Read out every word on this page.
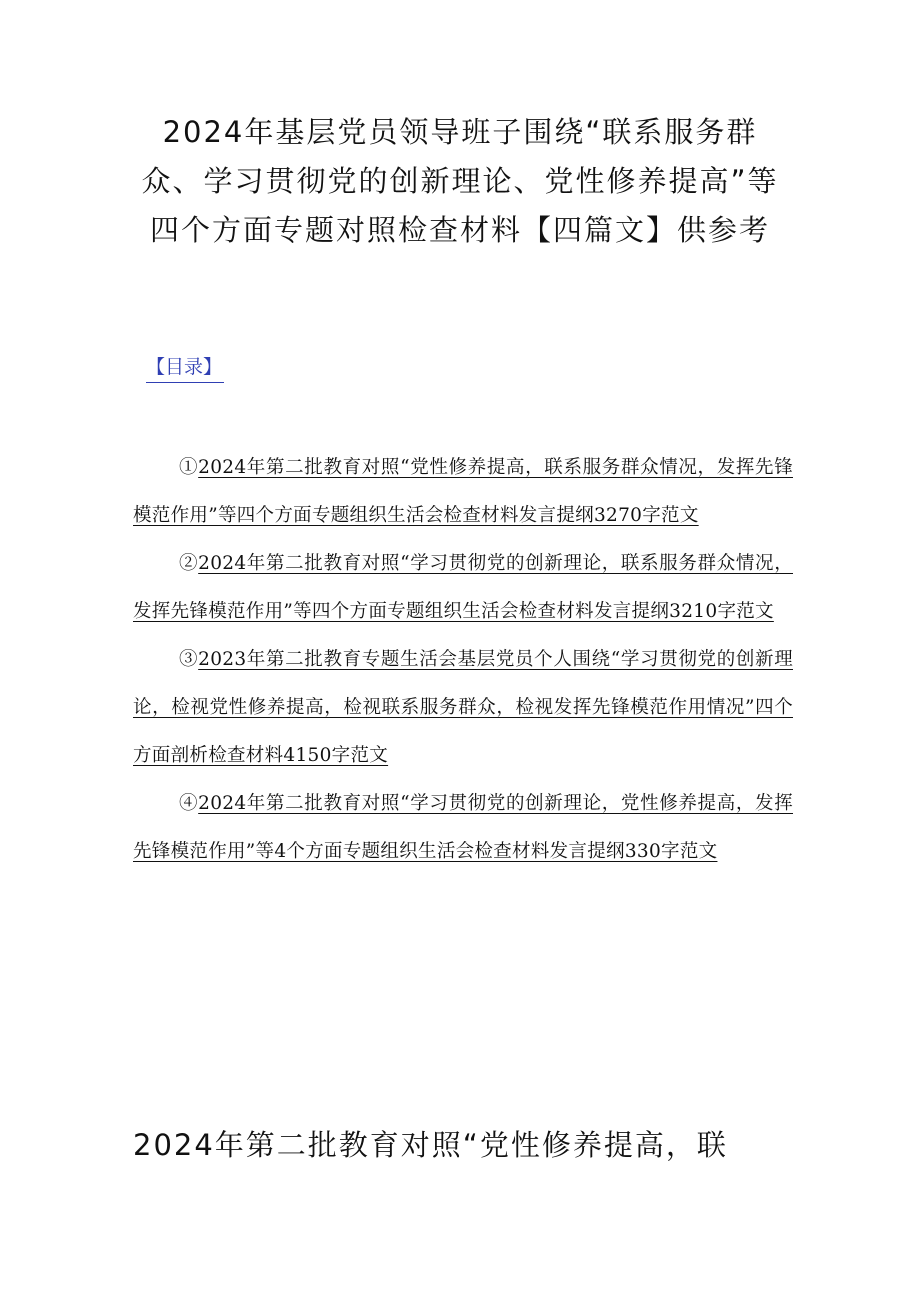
2024年基层党员领导班子围绕“联系服务群众、学习贯彻党的创新理论、党性修养提高”等四个方面专题对照检查材料【四篇文】供参考
【目录】

①2024年第二批教育对照“党性修养提高，联系服务群众情况，发挥先锋模范作用”等四个方面专题组织生活会检查材料发言提纲3270字范文

②2024年第二批教育对照“学习贯彻党的创新理论，联系服务群众情况，发挥先锋模范作用”等四个方面专题组织生活会检查材料发言提纲3210字范文

③2023年第二批教育专题生活会基层党员个人围绕“学习贯彻党的创新理论，检视党性修养提高，检视联系服务群众，检视发挥先锋模范作用情况”四个方面剖析检查材料4150字范文

④2024年第二批教育对照“学习贯彻党的创新理论，党性修养提高，发挥先锋模范作用”等4个方面专题组织生活会检查材料发言提纲330字范文

2024年第二批教育对照“党性修养提高，联
